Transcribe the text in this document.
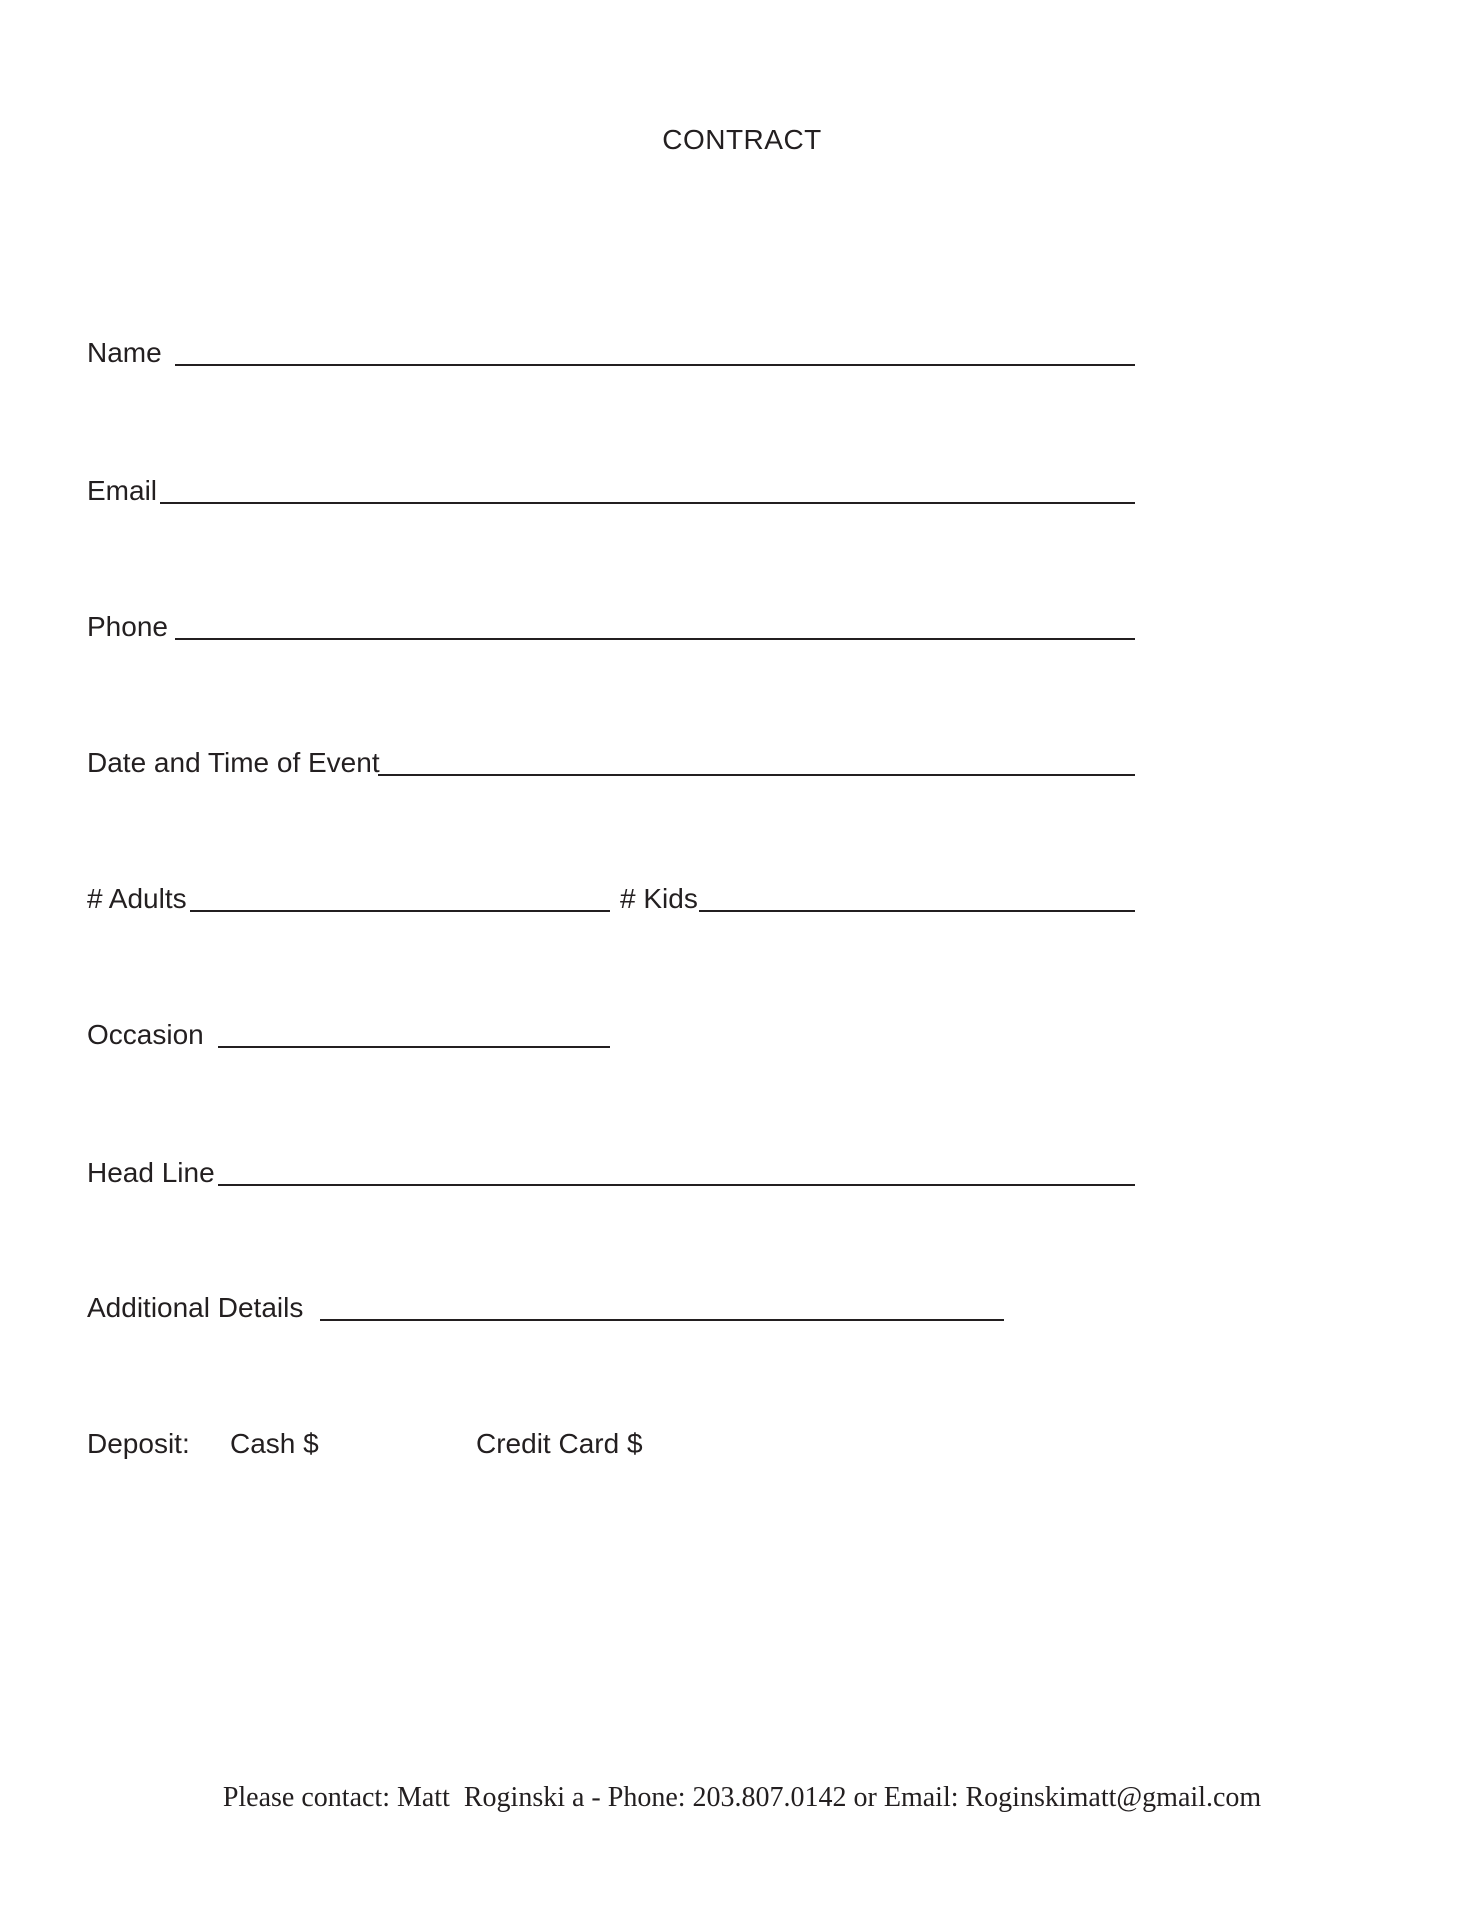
CONTRACT
Name
Email
Phone
Date and Time of Event
# Adults	# Kids
Occasion
Head Line
Additional Details
Deposit: Cash $	Credit Card $
Please contact: Matt  Roginski a - Phone: 203.807.0142 or Email: Roginskimatt@gmail.com
